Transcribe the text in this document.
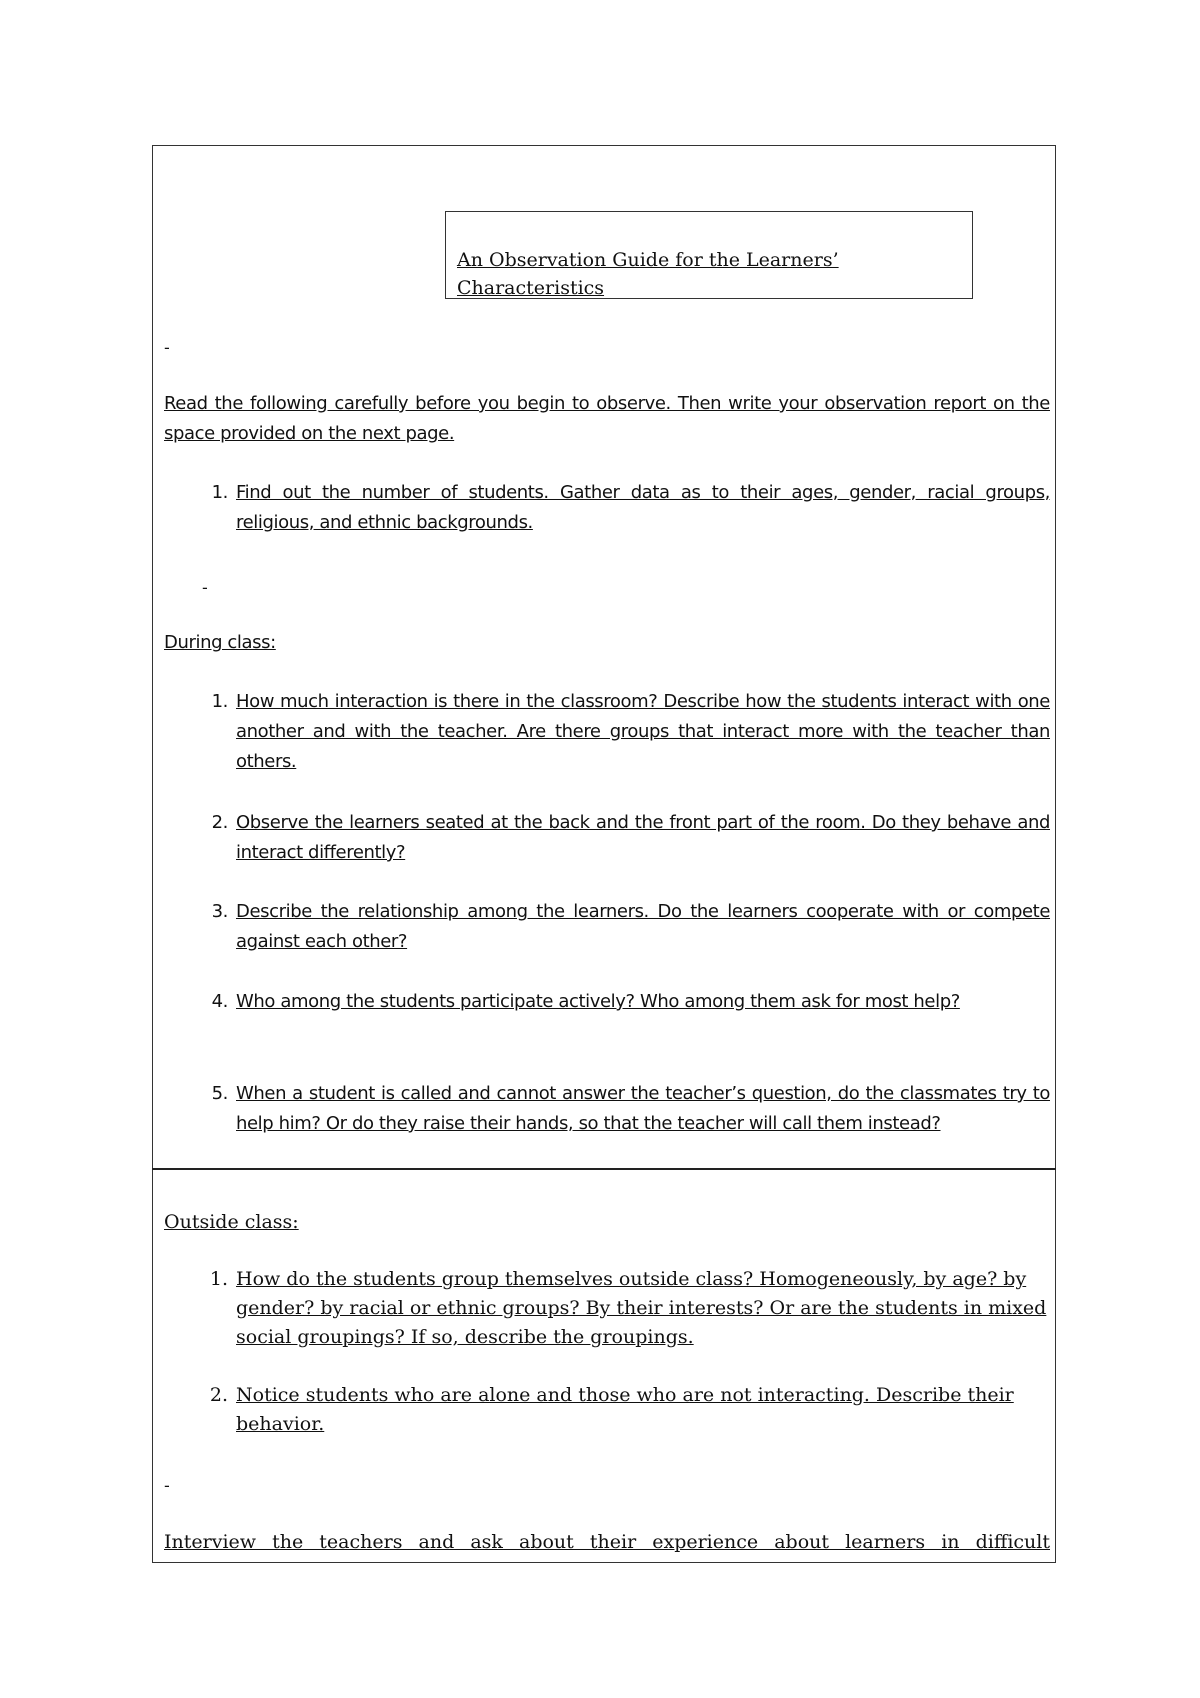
An Observation Guide for the Learners’ Characteristics
-
Read the following carefully before you begin to observe. Then write your observation report on the space provided on the next page.
1. Find out the number of students. Gather data as to their ages, gender, racial groups, religious, and ethnic backgrounds.
-
During class:
1. How much interaction is there in the classroom? Describe how the students interact with one another and with the teacher. Are there groups that interact more with the teacher than others.
2. Observe the learners seated at the back and the front part of the room. Do they behave and interact differently?
3. Describe the relationship among the learners. Do the learners cooperate with or compete against each other?
4. Who among the students participate actively? Who among them ask for most help?
5. When a student is called and cannot answer the teacher’s question, do the classmates try to help him? Or do they raise their hands, so that the teacher will call them instead?
Outside class:
1. How do the students group themselves outside class? Homogeneously, by age? by gender? by racial or ethnic groups? By their interests? Or are the students in mixed social groupings? If so, describe the groupings.
2. Notice students who are alone and those who are not interacting. Describe their behavior.
-
Interview the teachers and ask about their experience about learners in difficult
